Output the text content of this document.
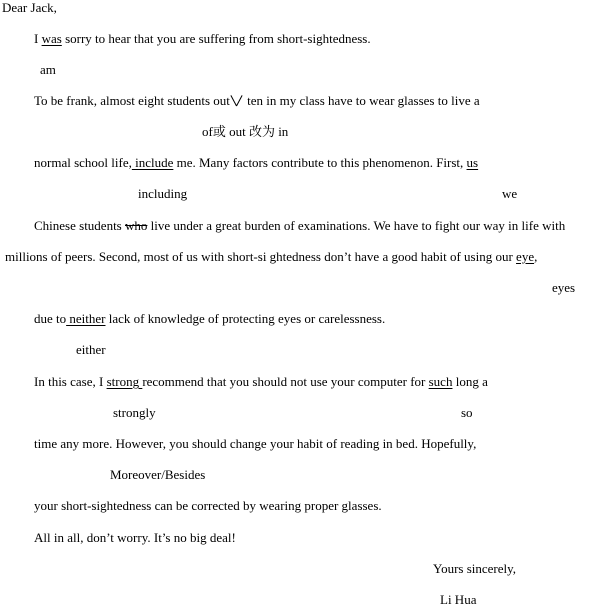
Dear Jack,
I was sorry to hear that you are suffering from short-sightedness.
am
To be frank, almost eight students out ten in my class have to wear glasses to live a
of或 out 改为 in
normal school life, include me. Many factors contribute to this phenomenon. First, us
including	we
Chinese students who live under a great burden of examinations. We have to fight our way in life with
millions of peers. Second, most of us with short-si ghtedness don’t have a good habit of using our eye,
eyes
due to neither lack of knowledge of protecting eyes or carelessness.
either
In this case, I strong recommend that you should not use your computer for such long a
strongly	so
time any more. However, you should change your habit of reading in bed. Hopefully,
Moreover/Besides
your short-sightedness can be corrected by wearing proper glasses.
All in all, don’t worry. It’s no big deal!
Yours sincerely,
Li Hua
